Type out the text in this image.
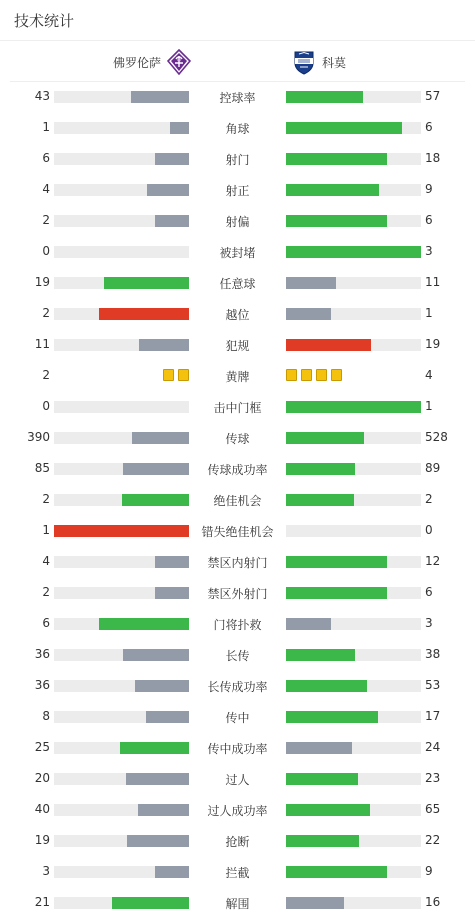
技术统计
佛罗伦萨	科莫
43	控球率	57
1	角球	6
6	射门	18
4	射正	9
2	射偏	6
0	被封堵	3
19	任意球	11
2	越位	1
11	犯规	19
2	黄牌	4
0	击中门框	1
390	传球	528
85	传球成功率	89
2	绝佳机会	2
1	错失绝佳机会	0
4	禁区内射门	12
2	禁区外射门	6
6	门将扑救	3
36	长传	38
36	长传成功率	53
8	传中	17
25	传中成功率	24
20	过人	23
40	过人成功率	65
19	抢断	22
3	拦截	9
21	解围	16
